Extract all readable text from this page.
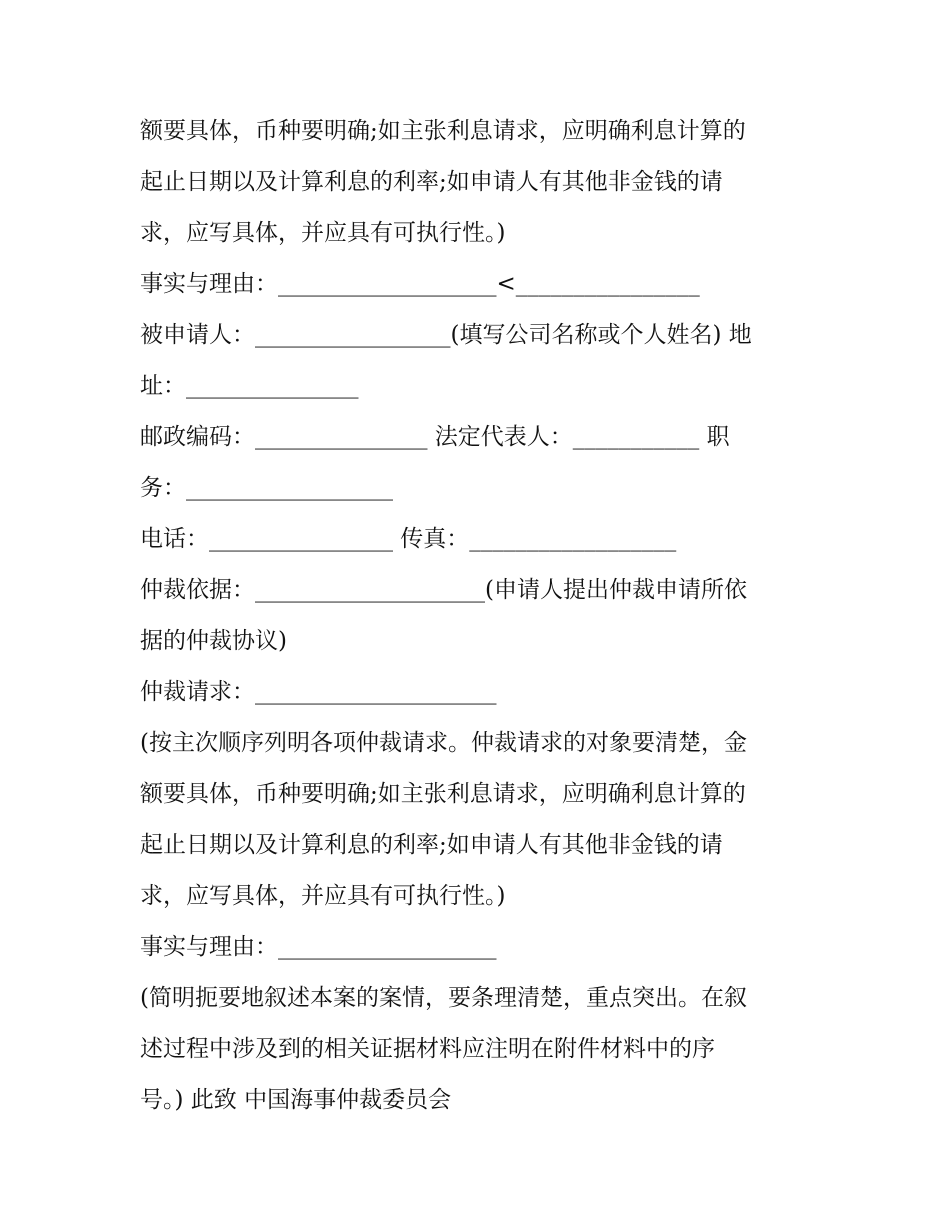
额要具体，币种要明确;如主张利息请求，应明确利息计算的
起止日期以及计算利息的利率;如申请人有其他非金钱的请
求，应写具体，并应具有可执行性。)
事实与理由：___________________<________________
被申请人：_________________(填写公司名称或个人姓名) 地
址：_______________
邮政编码：_______________ 法定代表人：___________ 职
务：__________________
电话：________________ 传真：__________________
仲裁依据：____________________(申请人提出仲裁申请所依
据的仲裁协议)
仲裁请求：_____________________
(按主次顺序列明各项仲裁请求。仲裁请求的对象要清楚，金
额要具体，币种要明确;如主张利息请求，应明确利息计算的
起止日期以及计算利息的利率;如申请人有其他非金钱的请
求，应写具体，并应具有可执行性。)
事实与理由：___________________
(简明扼要地叙述本案的案情，要条理清楚，重点突出。在叙
述过程中涉及到的相关证据材料应注明在附件材料中的序
号。) 此致 中国海事仲裁委员会
